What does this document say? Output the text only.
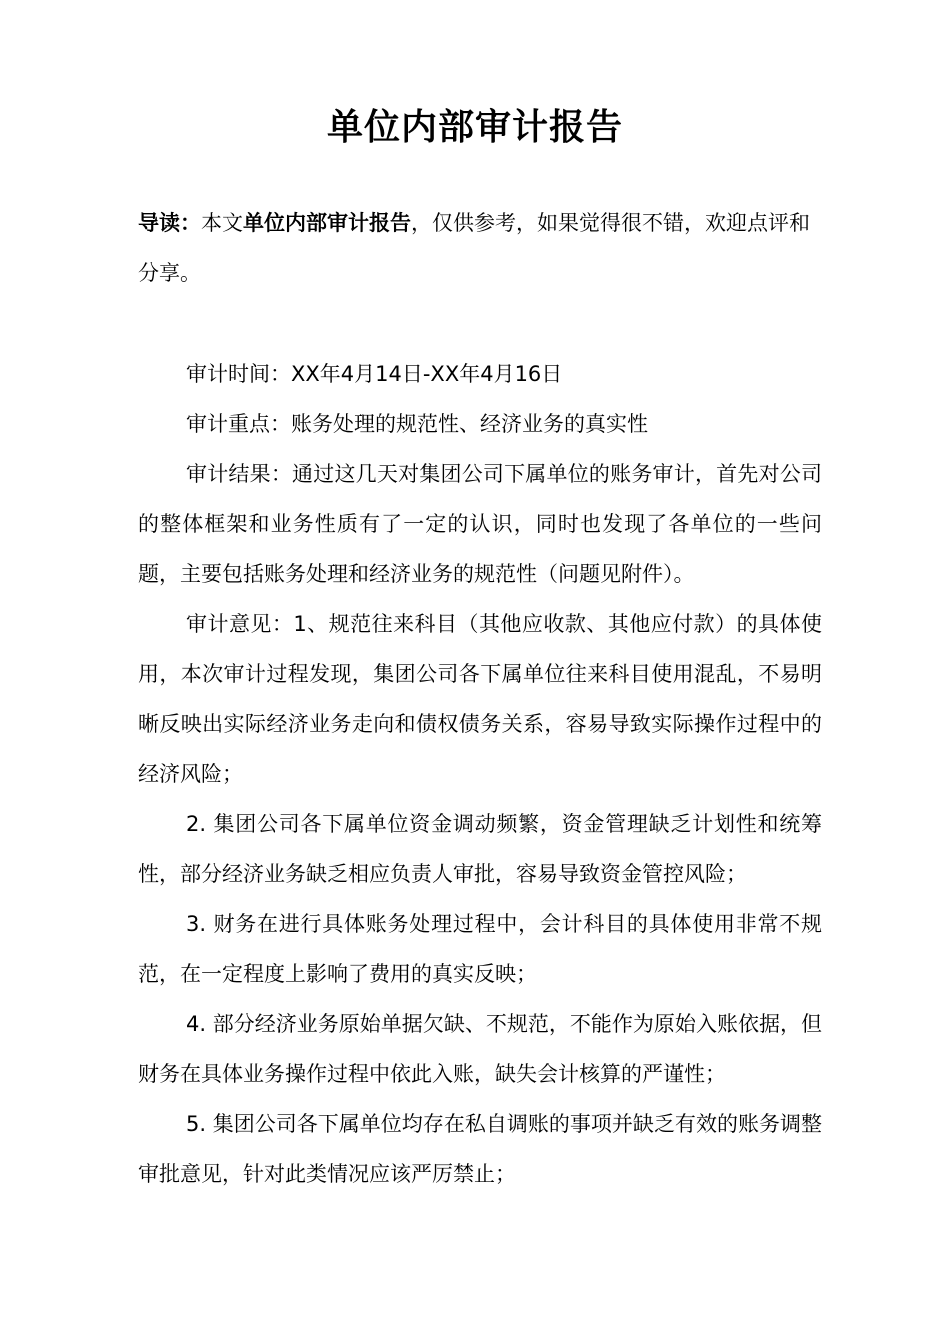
单位内部审计报告
导读：本文单位内部审计报告，仅供参考，如果觉得很不错，欢迎点评和分享。

审计时间：XX年4月14日-XX年4月16日

审计重点：账务处理的规范性、经济业务的真实性

审计结果：通过这几天对集团公司下属单位的账务审计，首先对公司的整体框架和业务性质有了一定的认识，同时也发现了各单位的一些问题，主要包括账务处理和经济业务的规范性（问题见附件）。

审计意见：1、规范往来科目（其他应收款、其他应付款）的具体使用，本次审计过程发现，集团公司各下属单位往来科目使用混乱，不易明晰反映出实际经济业务走向和债权债务关系，容易导致实际操作过程中的经济风险；

2. 集团公司各下属单位资金调动频繁，资金管理缺乏计划性和统筹性，部分经济业务缺乏相应负责人审批，容易导致资金管控风险；

3. 财务在进行具体账务处理过程中，会计科目的具体使用非常不规范，在一定程度上影响了费用的真实反映；

4. 部分经济业务原始单据欠缺、不规范，不能作为原始入账依据，但财务在具体业务操作过程中依此入账，缺失会计核算的严谨性；

5. 集团公司各下属单位均存在私自调账的事项并缺乏有效的账务调整审批意见，针对此类情况应该严厉禁止；
